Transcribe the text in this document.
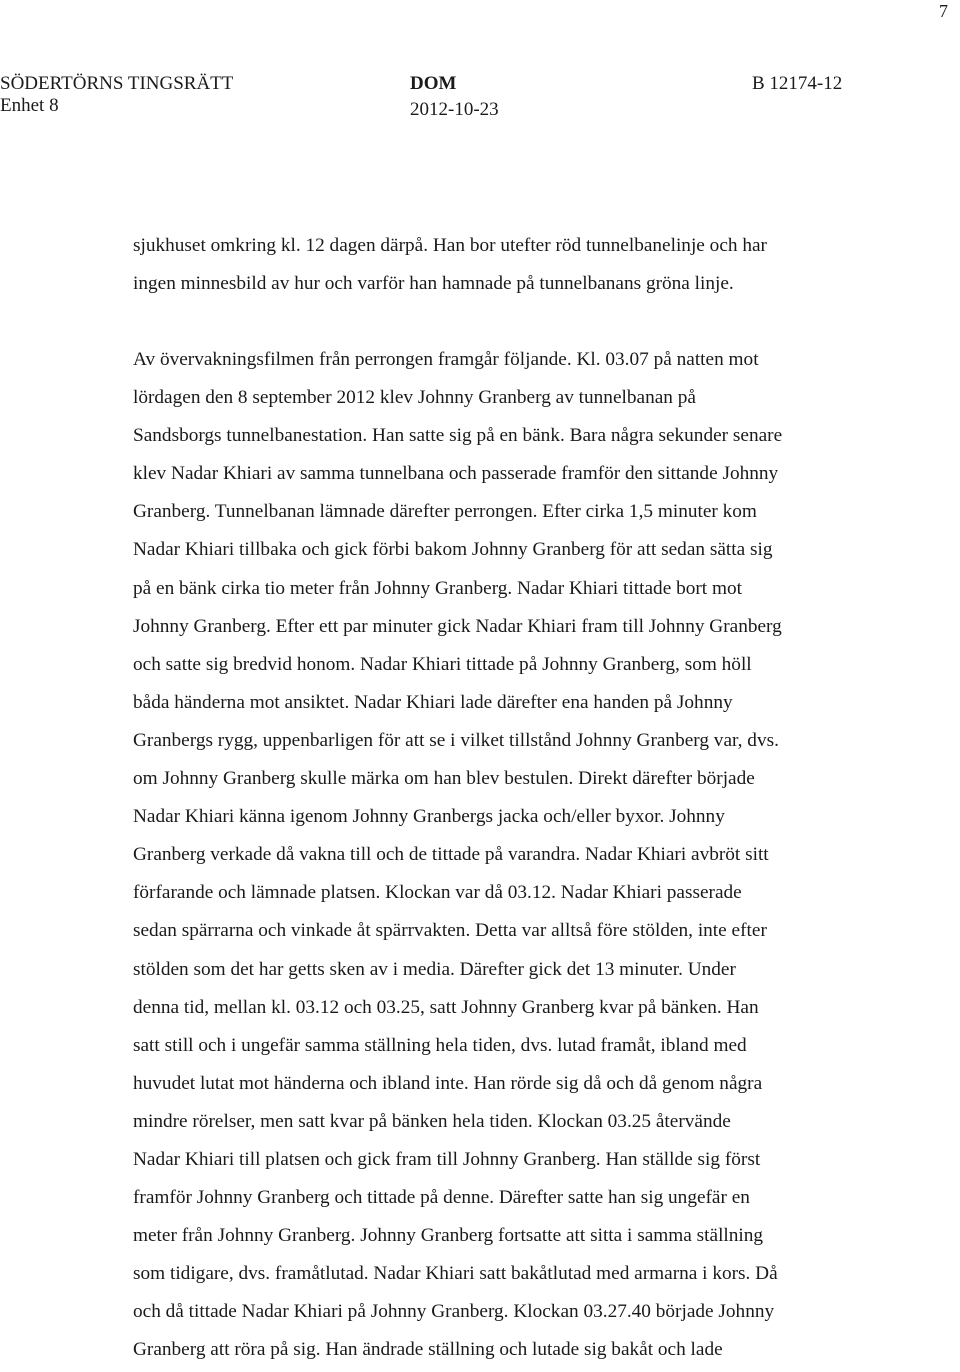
7
SÖDERTÖRNS TINGSRÄTT
Enhet 8
DOM
2012-10-23
B 12174-12
sjukhuset omkring kl. 12 dagen därpå. Han bor utefter röd tunnelbanelinje och har
ingen minnesbild av hur och varför han hamnade på tunnelbanans gröna linje.
Av övervakningsfilmen från perrongen framgår följande. Kl. 03.07 på natten mot
lördagen den 8 september 2012 klev Johnny Granberg av tunnelbanan på
Sandsborgs tunnelbanestation. Han satte sig på en bänk. Bara några sekunder senare
klev Nadar Khiari av samma tunnelbana och passerade framför den sittande Johnny
Granberg. Tunnelbanan lämnade därefter perrongen. Efter cirka 1,5 minuter kom
Nadar Khiari tillbaka och gick förbi bakom Johnny Granberg för att sedan sätta sig
på en bänk cirka tio meter från Johnny Granberg. Nadar Khiari tittade bort mot
Johnny Granberg. Efter ett par minuter gick Nadar Khiari fram till Johnny Granberg
och satte sig bredvid honom. Nadar Khiari tittade på Johnny Granberg, som höll
båda händerna mot ansiktet. Nadar Khiari lade därefter ena handen på Johnny
Granbergs rygg, uppenbarligen för att se i vilket tillstånd Johnny Granberg var, dvs.
om Johnny Granberg skulle märka om han blev bestulen. Direkt därefter började
Nadar Khiari känna igenom Johnny Granbergs jacka och/eller byxor. Johnny
Granberg verkade då vakna till och de tittade på varandra. Nadar Khiari avbröt sitt
förfarande och lämnade platsen. Klockan var då 03.12. Nadar Khiari passerade
sedan spärrarna och vinkade åt spärrvakten. Detta var alltså före stölden, inte efter
stölden som det har getts sken av i media. Därefter gick det 13 minuter. Under
denna tid, mellan kl. 03.12 och 03.25, satt Johnny Granberg kvar på bänken. Han
satt still och i ungefär samma ställning hela tiden, dvs. lutad framåt, ibland med
huvudet lutat mot händerna och ibland inte. Han rörde sig då och då genom några
mindre rörelser, men satt kvar på bänken hela tiden. Klockan 03.25 återvände
Nadar Khiari till platsen och gick fram till Johnny Granberg. Han ställde sig först
framför Johnny Granberg och tittade på denne. Därefter satte han sig ungefär en
meter från Johnny Granberg. Johnny Granberg fortsatte att sitta i samma ställning
som tidigare, dvs. framåtlutad. Nadar Khiari satt bakåtlutad med armarna i kors. Då
och då tittade Nadar Khiari på Johnny Granberg. Klockan 03.27.40 började Johnny
Granberg att röra på sig. Han ändrade ställning och lutade sig bakåt och lade
